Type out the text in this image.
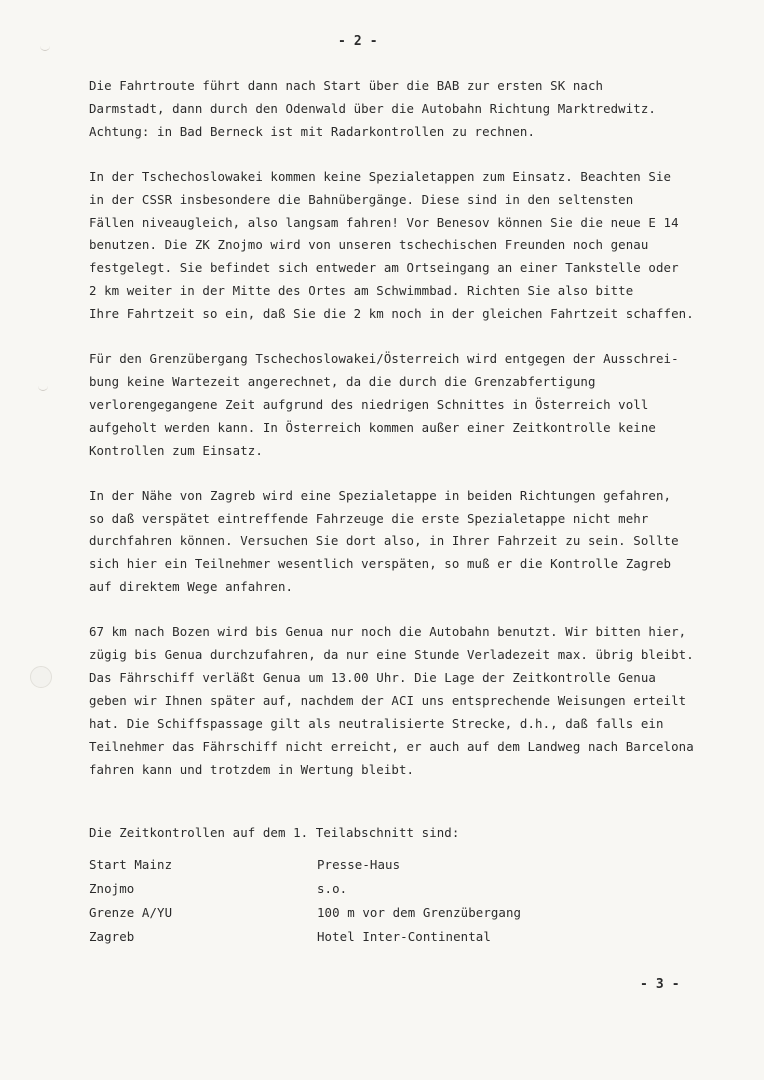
- 2 -
Die Fahrtroute führt dann nach Start über die BAB zur ersten SK nach
Darmstadt, dann durch den Odenwald über die Autobahn Richtung Marktredwitz.
Achtung: in Bad Berneck ist mit Radarkontrollen zu rechnen.
In der Tschechoslowakei kommen keine Spezialetappen zum Einsatz. Beachten Sie
in der CSSR insbesondere die Bahnübergänge. Diese sind in den seltensten
Fällen niveaugleich, also langsam fahren! Vor Benesov können Sie die neue E 14
benutzen. Die ZK Znojmo wird von unseren tschechischen Freunden noch genau
festgelegt. Sie befindet sich entweder am Ortseingang an einer Tankstelle oder
2 km weiter in der Mitte des Ortes am Schwimmbad. Richten Sie also bitte
Ihre Fahrtzeit so ein, daß Sie die 2 km noch in der gleichen Fahrtzeit schaffen.
Für den Grenzübergang Tschechoslowakei/Österreich wird entgegen der Ausschrei-
bung keine Wartezeit angerechnet, da die durch die Grenzabfertigung
verlorengegangene Zeit aufgrund des niedrigen Schnittes in Österreich voll
aufgeholt werden kann. In Österreich kommen außer einer Zeitkontrolle keine
Kontrollen zum Einsatz.
In der Nähe von Zagreb wird eine Spezialetappe in beiden Richtungen gefahren,
so daß verspätet eintreffende Fahrzeuge die erste Spezialetappe nicht mehr
durchfahren können. Versuchen Sie dort also, in Ihrer Fahrzeit zu sein. Sollte
sich hier ein Teilnehmer wesentlich verspäten, so muß er die Kontrolle Zagreb
auf direktem Wege anfahren.
67 km nach Bozen wird bis Genua nur noch die Autobahn benutzt. Wir bitten hier,
zügig bis Genua durchzufahren, da nur eine Stunde Verladezeit max. übrig bleibt.
Das Fährschiff verläßt Genua um 13.00 Uhr. Die Lage der Zeitkontrolle Genua
geben wir Ihnen später auf, nachdem der ACI uns entsprechende Weisungen erteilt
hat. Die Schiffspassage gilt als neutralisierte Strecke, d.h., daß falls ein
Teilnehmer das Fährschiff nicht erreicht, er auch auf dem Landweg nach Barcelona
fahren kann und trotzdem in Wertung bleibt.
Die Zeitkontrollen auf dem 1. Teilabschnitt sind:
Start Mainz	Presse-Haus
Znojmo	s.o.
Grenze A/YU	100 m vor dem Grenzübergang
Zagreb	Hotel Inter-Continental
- 3 -
